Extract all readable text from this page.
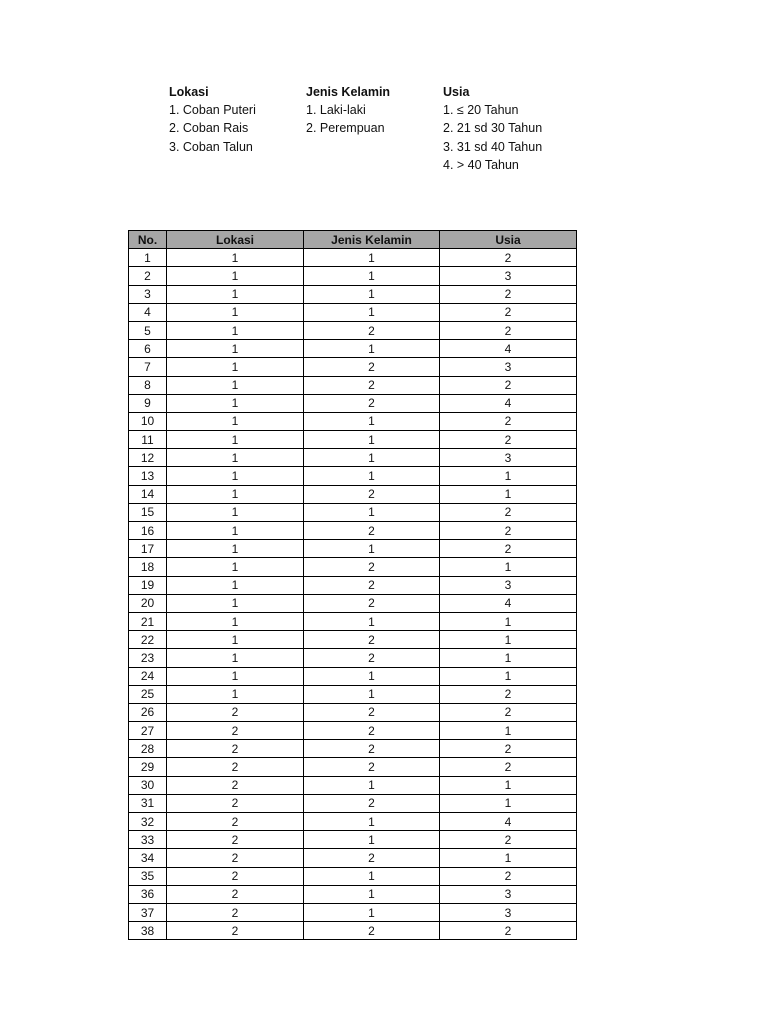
Lokasi
1. Coban Puteri
2. Coban Rais
3. Coban Talun
Jenis Kelamin
1. Laki-laki
2. Perempuan
Usia
1. ≤ 20 Tahun
2. 21 sd 30 Tahun
3. 31 sd 40 Tahun
4. > 40 Tahun
No.	Lokasi	Jenis Kelamin	Usia
1	1	1	2
2	1	1	3
3	1	1	2
4	1	1	2
5	1	2	2
6	1	1	4
7	1	2	3
8	1	2	2
9	1	2	4
10	1	1	2
11	1	1	2
12	1	1	3
13	1	1	1
14	1	2	1
15	1	1	2
16	1	2	2
17	1	1	2
18	1	2	1
19	1	2	3
20	1	2	4
21	1	1	1
22	1	2	1
23	1	2	1
24	1	1	1
25	1	1	2
26	2	2	2
27	2	2	1
28	2	2	2
29	2	2	2
30	2	1	1
31	2	2	1
32	2	1	4
33	2	1	2
34	2	2	1
35	2	1	2
36	2	1	3
37	2	1	3
38	2	2	2
